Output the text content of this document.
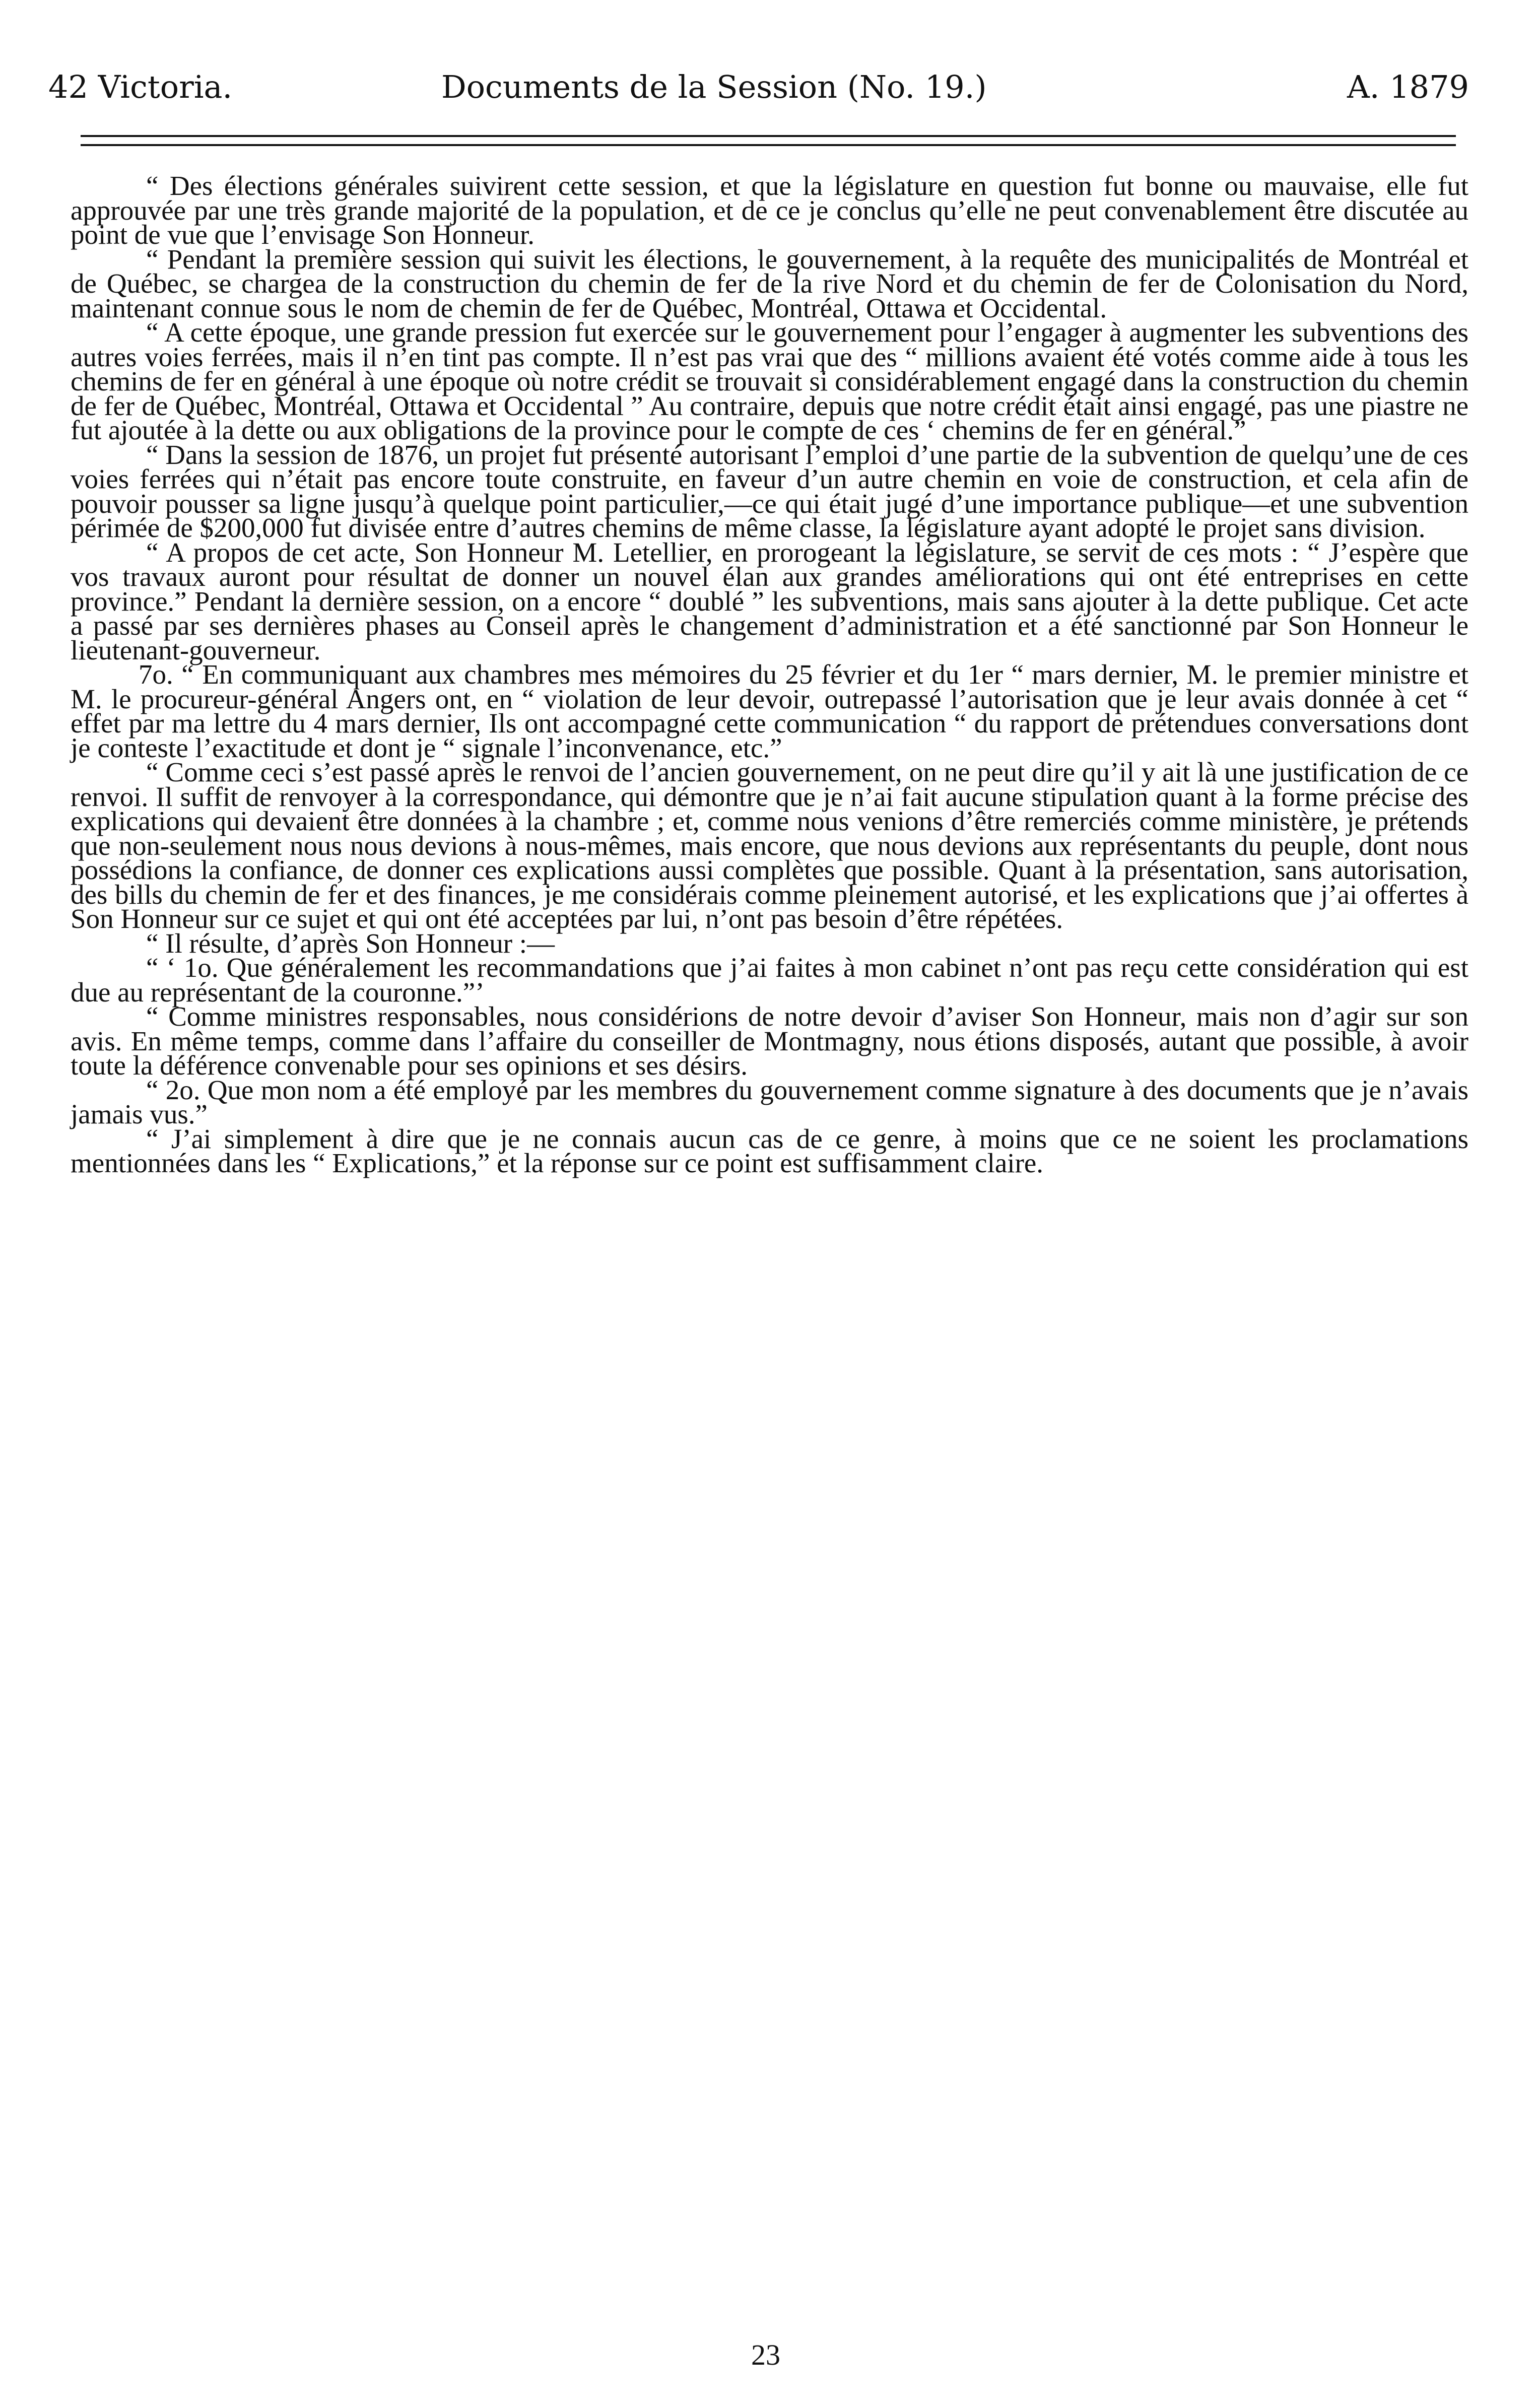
42 Victoria.	Documents de la Session (No. 19.)	A. 1879

“ Des élections générales suivirent cette session, et que la législature en question fut bonne ou mauvaise, elle fut approuvée par une très grande majorité de la population, et de ce je conclus qu’elle ne peut convenablement être discutée au point de vue que l’envisage Son Honneur.

“ Pendant la première session qui suivit les élections, le gouvernement, à la requête des municipalités de Montréal et de Québec, se chargea de la construction du chemin de fer de la rive Nord et du chemin de fer de Colonisation du Nord, maintenant connue sous le nom de chemin de fer de Québec, Montréal, Ottawa et Occidental.

“ A cette époque, une grande pression fut exercée sur le gouvernement pour l’engager à augmenter les subventions des autres voies ferrées, mais il n’en tint pas compte. Il n’est pas vrai que des “ millions avaient été votés comme aide à tous les chemins de fer en général à une époque où notre crédit se trouvait si considérablement engagé dans la construction du chemin de fer de Québec, Montréal, Ottawa et Occidental ” Au contraire, depuis que notre crédit était ainsi engagé, pas une piastre ne fut ajoutée à la dette ou aux obligations de la province pour le compte de ces ‘ chemins de fer en général.”

“ Dans la session de 1876, un projet fut présenté autorisant l’emploi d’une partie de la subvention de quelqu’une de ces voies ferrées qui n’était pas encore toute construite, en faveur d’un autre chemin en voie de construction, et cela afin de pouvoir pousser sa ligne jusqu’à quelque point particulier,—ce qui était jugé d’une importance publique—et une subvention périmée de $200,000 fut divisée entre d’autres chemins de même classe, la législature ayant adopté le projet sans division.

“ A propos de cet acte, Son Honneur M. Letellier, en prorogeant la législature, se servit de ces mots : “ J’espère que vos travaux auront pour résultat de donner un nouvel élan aux grandes améliorations qui ont été entreprises en cette province.” Pendant la dernière session, on a encore “ doublé ” les subventions, mais sans ajouter à la dette publique. Cet acte a passé par ses dernières phases au Conseil après le changement d’administration et a été sanctionné par Son Honneur le lieutenant-gouverneur.

7o. “ En communiquant aux chambres mes mémoires du 25 février et du 1er “ mars dernier, M. le premier ministre et M. le procureur-général Angers ont, en “ violation de leur devoir, outrepassé l’autorisation que je leur avais donnée à cet “ effet par ma lettre du 4 mars dernier, Ils ont accompagné cette communication “ du rapport de prétendues conversations dont je conteste l’exactitude et dont je “ signale l’inconvenance, etc.”

“ Comme ceci s’est passé après le renvoi de l’ancien gouvernement, on ne peut dire qu’il y ait là une justification de ce renvoi. Il suffit de renvoyer à la correspondance, qui démontre que je n’ai fait aucune stipulation quant à la forme précise des explications qui devaient être données à la chambre ; et, comme nous venions d’être remerciés comme ministère, je prétends que non-seulement nous nous devions à nous-mêmes, mais encore, que nous devions aux représentants du peuple, dont nous possédions la confiance, de donner ces explications aussi complètes que possible. Quant à la présentation, sans autorisation, des bills du chemin de fer et des finances, je me considérais comme pleinement autorisé, et les explications que j’ai offertes à Son Honneur sur ce sujet et qui ont été acceptées par lui, n’ont pas besoin d’être répétées.

“ Il résulte, d’après Son Honneur :—

“ ‘ 1o. Que généralement les recommandations que j’ai faites à mon cabinet n’ont pas reçu cette considération qui est due au représentant de la couronne.”’

“ Comme ministres responsables, nous considérions de notre devoir d’aviser Son Honneur, mais non d’agir sur son avis. En même temps, comme dans l’affaire du conseiller de Montmagny, nous étions disposés, autant que possible, à avoir toute la déférence convenable pour ses opinions et ses désirs.

“ 2o. Que mon nom a été employé par les membres du gouvernement comme signature à des documents que je n’avais jamais vus.”

“ J’ai simplement à dire que je ne connais aucun cas de ce genre, à moins que ce ne soient les proclamations mentionnées dans les “ Explications,” et la réponse sur ce point est suffisamment claire.

23
